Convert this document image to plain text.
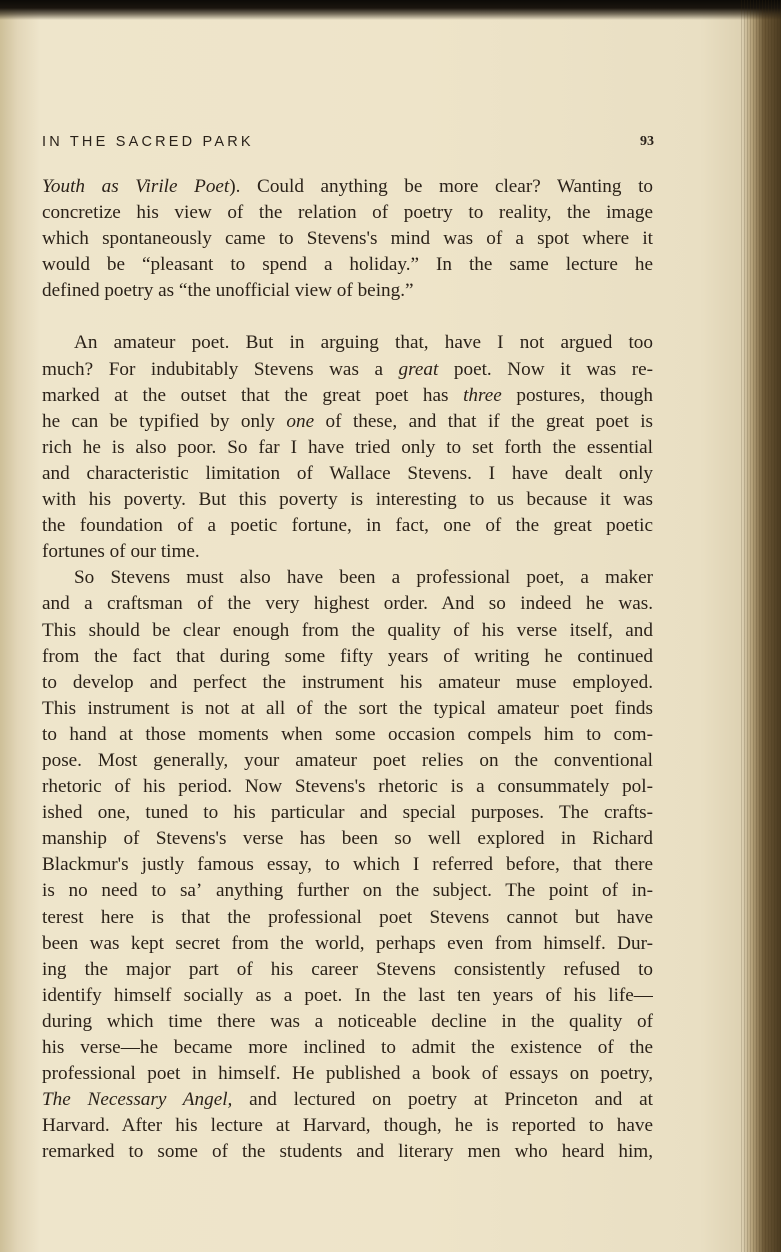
IN THE SACRED PARK	93
Youth as Virile Poet). Could anything be more clear? Wanting to
concretize his view of the relation of poetry to reality, the image
which spontaneously came to Stevens's mind was of a spot where it
would be “pleasant to spend a holiday.” In the same lecture he
defined poetry as “the unofficial view of being.”
An amateur poet. But in arguing that, have I not argued too
much? For indubitably Stevens was a great poet. Now it was re-
marked at the outset that the great poet has three postures, though
he can be typified by only one of these, and that if the great poet is
rich he is also poor. So far I have tried only to set forth the essential
and characteristic limitation of Wallace Stevens. I have dealt only
with his poverty. But this poverty is interesting to us because it was
the foundation of a poetic fortune, in fact, one of the great poetic
fortunes of our time.
So Stevens must also have been a professional poet, a maker
and a craftsman of the very highest order. And so indeed he was.
This should be clear enough from the quality of his verse itself, and
from the fact that during some fifty years of writing he continued
to develop and perfect the instrument his amateur muse employed.
This instrument is not at all of the sort the typical amateur poet finds
to hand at those moments when some occasion compels him to com-
pose. Most generally, your amateur poet relies on the conventional
rhetoric of his period. Now Stevens's rhetoric is a consummately pol-
ished one, tuned to his particular and special purposes. The crafts-
manship of Stevens's verse has been so well explored in Richard
Blackmur's justly famous essay, to which I referred before, that there
is no need to saʼ anything further on the subject. The point of in-
terest here is that the professional poet Stevens cannot but have
been was kept secret from the world, perhaps even from himself. Dur-
ing the major part of his career Stevens consistently refused to
identify himself socially as a poet. In the last ten years of his life—
during which time there was a noticeable decline in the quality of
his verse—he became more inclined to admit the existence of the
professional poet in himself. He published a book of essays on poetry,
The Necessary Angel, and lectured on poetry at Princeton and at
Harvard. After his lecture at Harvard, though, he is reported to have
remarked to some of the students and literary men who heard him,
